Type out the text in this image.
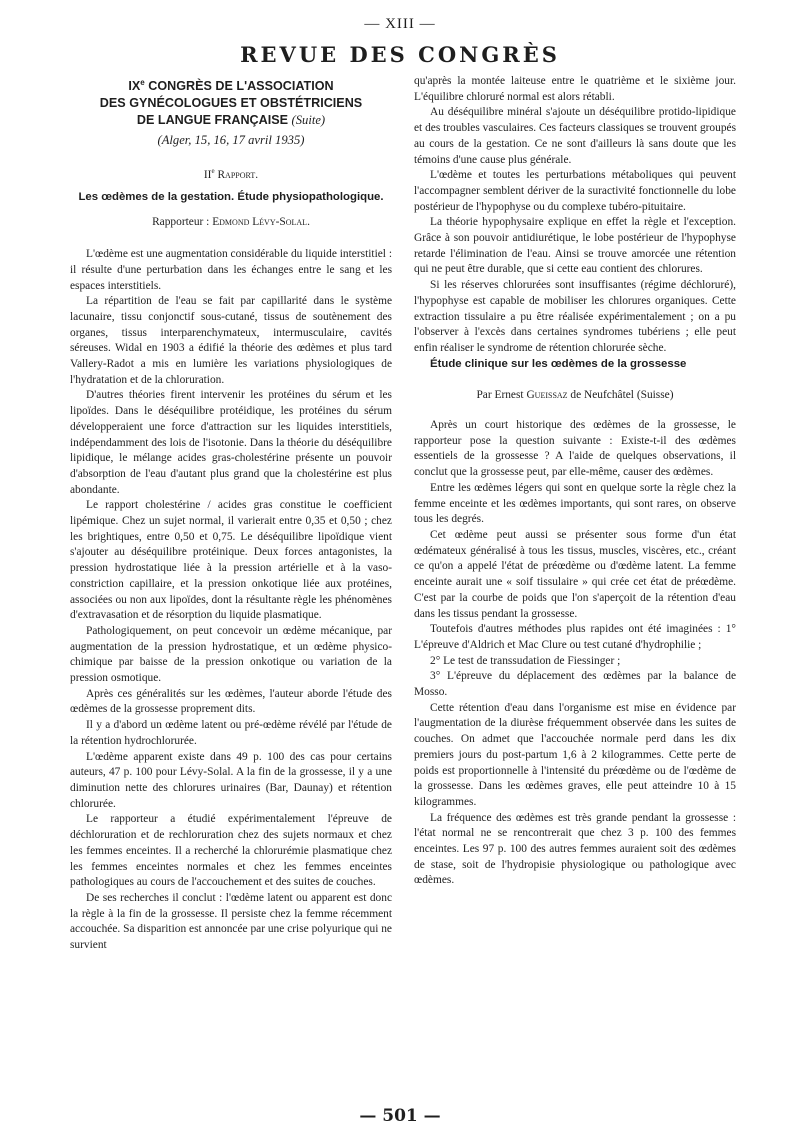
— XIII —
REVUE DES CONGRÈS
IXe CONGRÈS DE L'ASSOCIATION
DES GYNÉCOLOGUES ET OBSTÉTRICIENS
DE LANGUE FRANÇAISE (Suite)
(Alger, 15, 16, 17 avril 1935)
IIe Rapport.
Les œdèmes de la gestation. Étude physiopathologique.
Rapporteur : Edmond Lévy-Solal.

L'œdème est une augmentation considérable du liquide interstitiel : il résulte d'une perturbation dans les échanges entre le sang et les espaces interstitiels.

La répartition de l'eau se fait par capillarité dans le système lacunaire, tissu conjonctif sous-cutané, tissus de soutènement des organes, tissus interparenchymateux, intermusculaire, cavités séreuses. Widal en 1903 a édifié la théorie des œdèmes et plus tard Vallery-Radot a mis en lumière les variations physiologiques de l'hydratation et de la chloruration.

D'autres théories firent intervenir les protéines du sérum et les lipoïdes. Dans le déséquilibre protéidique, les protéines du sérum développeraient une force d'attraction sur les liquides interstitiels, indépendamment des lois de l'isotonie. Dans la théorie du déséquilibre lipidique, le mélange acides gras-cholestérine présente un pouvoir d'absorption de l'eau d'autant plus grand que la cholestérine est plus abondante.

Le rapport cholestérine / acides gras constitue le coefficient lipémique. Chez un sujet normal, il varierait entre 0,35 et 0,50 ; chez les brightiques, entre 0,50 et 0,75. Le déséquilibre lipoïdique vient s'ajouter au déséquilibre protéinique. Deux forces antagonistes, la pression hydrostatique liée à la pression artérielle et à la vaso-constriction capillaire, et la pression onkotique liée aux protéines, associées ou non aux lipoïdes, dont la résultante règle les phénomènes d'extravasation et de résorption du liquide plasmatique.

Pathologiquement, on peut concevoir un œdème mécanique, par augmentation de la pression hydrostatique, et un œdème physico-chimique par baisse de la pression onkotique ou variation de la pression osmotique.

Après ces généralités sur les œdèmes, l'auteur aborde l'étude des œdèmes de la grossesse proprement dits.

Il y a d'abord un œdème latent ou pré-œdème révélé par l'étude de la rétention hydrochlorurée.

L'œdème apparent existe dans 49 p. 100 des cas pour certains auteurs, 47 p. 100 pour Lévy-Solal. A la fin de la grossesse, il y a une diminution nette des chlorures urinaires (Bar, Daunay) et rétention chlorurée.

Le rapporteur a étudié expérimentalement l'épreuve de déchloruration et de rechloruration chez des sujets normaux et chez les femmes enceintes. Il a recherché la chlorurémie plasmatique chez les femmes enceintes normales et chez les femmes enceintes pathologiques au cours de l'accouchement et des suites de couches.

De ses recherches il conclut : l'œdème latent ou apparent est donc la règle à la fin de la grossesse. Il persiste chez la femme récemment accouchée. Sa disparition est annoncée par une crise polyurique qui ne survient

qu'après la montée laiteuse entre le quatrième et le sixième jour. L'équilibre chloruré normal est alors rétabli.

Au déséquilibre minéral s'ajoute un déséquilibre protido-lipidique et des troubles vasculaires. Ces facteurs classiques se trouvent groupés au cours de la gestation. Ce ne sont d'ailleurs là sans doute que les témoins d'une cause plus générale.

L'œdème et toutes les perturbations métaboliques qui peuvent l'accompagner semblent dériver de la suractivité fonctionnelle du lobe postérieur de l'hypophyse ou du complexe tubéro-pituitaire.

La théorie hypophysaire explique en effet la règle et l'exception. Grâce à son pouvoir antidiurétique, le lobe postérieur de l'hypophyse retarde l'élimination de l'eau. Ainsi se trouve amorcée une rétention qui ne peut être durable, que si cette eau contient des chlorures.

Si les réserves chlorurées sont insuffisantes (régime déchloruré), l'hypophyse est capable de mobiliser les chlorures organiques. Cette extraction tissulaire a pu être réalisée expérimentalement ; on a pu l'observer à l'excès dans certaines syndromes tubériens ; elle peut enfin réaliser le syndrome de rétention chlorurée sèche.

Étude clinique sur les œdèmes de la grossesse

Par Ernest Gueissaz de Neufchâtel (Suisse)

Après un court historique des œdèmes de la grossesse, le rapporteur pose la question suivante : Existe-t-il des œdèmes essentiels de la grossesse ? A l'aide de quelques observations, il conclut que la grossesse peut, par elle-même, causer des œdèmes.

Entre les œdèmes légers qui sont en quelque sorte la règle chez la femme enceinte et les œdèmes importants, qui sont rares, on observe tous les degrés.

Cet œdème peut aussi se présenter sous forme d'un état œdémateux généralisé à tous les tissus, muscles, viscères, etc., créant ce qu'on a appelé l'état de préœdème ou d'œdème latent. La femme enceinte aurait une « soif tissulaire » qui crée cet état de préœdème. C'est par la courbe de poids que l'on s'aperçoit de la rétention d'eau dans les tissus pendant la grossesse.

Toutefois d'autres méthodes plus rapides ont été imaginées : 1° L'épreuve d'Aldrich et Mac Clure ou test cutané d'hydrophilie ;

2° Le test de transsudation de Fiessinger ;

3° L'épreuve du déplacement des œdèmes par la balance de Mosso.

Cette rétention d'eau dans l'organisme est mise en évidence par l'augmentation de la diurèse fréquemment observée dans les suites de couches. On admet que l'accouchée normale perd dans les dix premiers jours du post-partum 1,6 à 2 kilogrammes. Cette perte de poids est proportionnelle à l'intensité du préœdème ou de l'œdème de la grossesse. Dans les œdèmes graves, elle peut atteindre 10 à 15 kilogrammes.

La fréquence des œdèmes est très grande pendant la grossesse : l'état normal ne se rencontrerait que chez 3 p. 100 des femmes enceintes. Les 97 p. 100 des autres femmes auraient soit des œdèmes de stase, soit de l'hydropisie physiologique ou pathologique avec œdèmes.

— 501 —
